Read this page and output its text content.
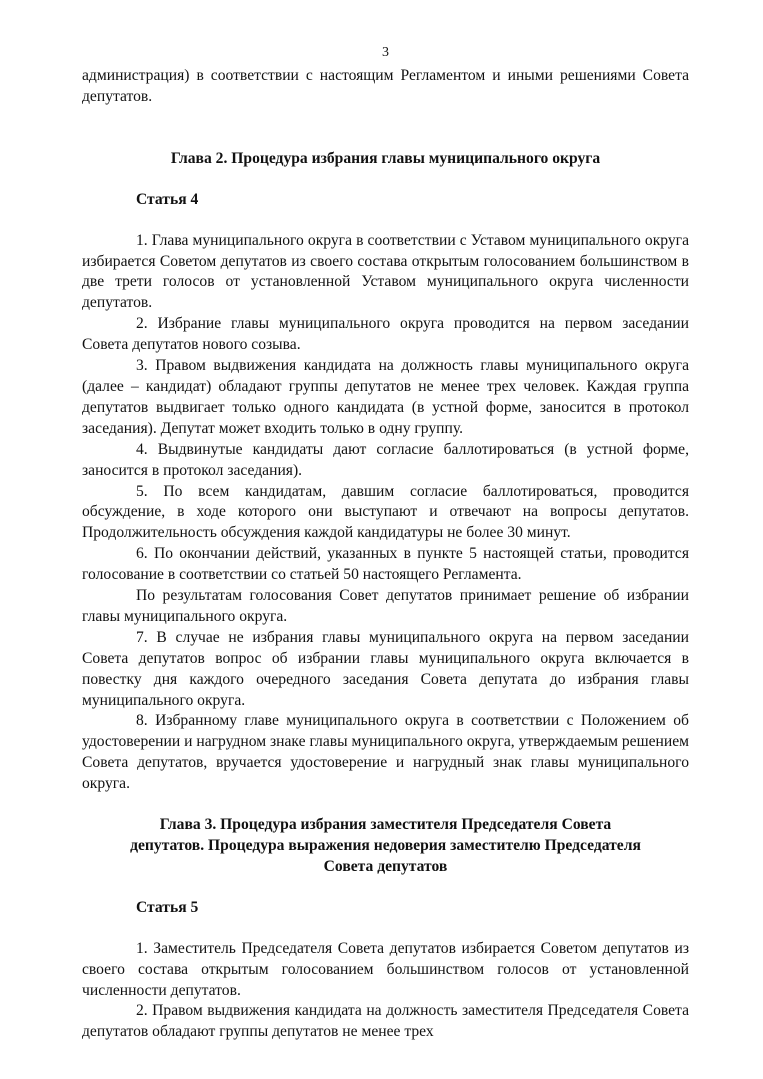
3

администрация) в соответствии с настоящим Регламентом и иными решениями Совета депутатов.

Глава 2. Процедура избрания главы муниципального округа

Статья 4

1. Глава муниципального округа в соответствии с Уставом муниципального округа избирается Советом депутатов из своего состава открытым голосованием большинством в две трети голосов от установленной Уставом муниципального округа численности депутатов.

2. Избрание главы муниципального округа проводится на первом заседании Совета депутатов нового созыва.

3. Правом выдвижения кандидата на должность главы муниципального округа (далее – кандидат) обладают группы депутатов не менее трех человек. Каждая группа депутатов выдвигает только одного кандидата (в устной форме, заносится в протокол заседания). Депутат может входить только в одну группу.

4. Выдвинутые кандидаты дают согласие баллотироваться (в устной форме, заносится в протокол заседания).

5. По всем кандидатам, давшим согласие баллотироваться, проводится обсуждение, в ходе которого они выступают и отвечают на вопросы депутатов. Продолжительность обсуждения каждой кандидатуры не более 30 минут.

6. По окончании действий, указанных в пункте 5 настоящей статьи, проводится голосование в соответствии со статьей 50 настоящего Регламента.

По результатам голосования Совет депутатов принимает решение об избрании главы муниципального округа.

7. В случае не избрания главы муниципального округа на первом заседании Совета депутатов вопрос об избрании главы муниципального округа включается в повестку дня каждого очередного заседания Совета депутата до избрания главы муниципального округа.

8. Избранному главе муниципального округа в соответствии с Положением об удостоверении и нагрудном знаке главы муниципального округа, утверждаемым решением Совета депутатов, вручается удостоверение и нагрудный знак главы муниципального округа.

Глава 3. Процедура избрания заместителя Председателя Совета

депутатов. Процедура выражения недоверия заместителю Председателя

Совета депутатов

Статья 5

1. Заместитель Председателя Совета депутатов избирается Советом депутатов из своего состава открытым голосованием большинством голосов от установленной численности депутатов.

2. Правом выдвижения кандидата на должность заместителя Председателя Совета депутатов обладают группы депутатов не менее трех
